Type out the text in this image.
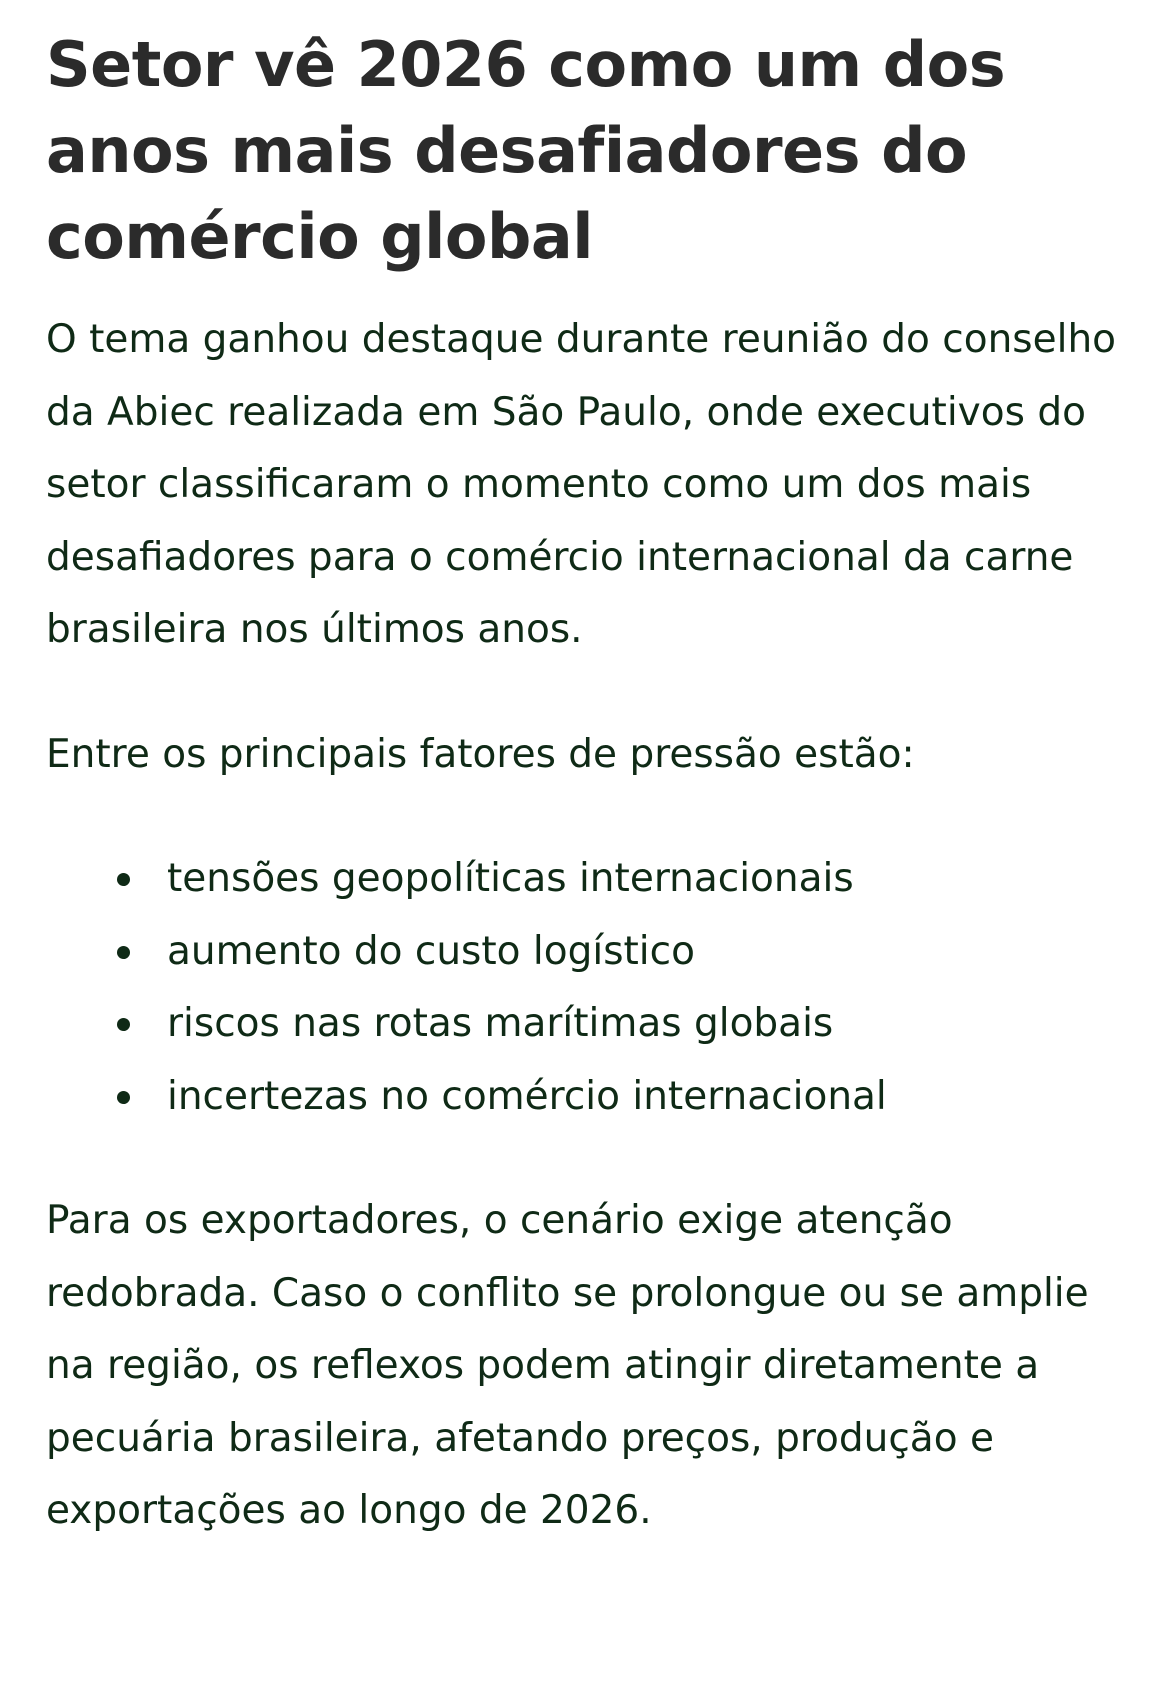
Setor vê 2026 como um dos anos mais desafiadores do comércio global

O tema ganhou destaque durante reunião do conselho da Abiec realizada em São Paulo, onde executivos do setor classificaram o momento como um dos mais desafiadores para o comércio internacional da carne brasileira nos últimos anos.

Entre os principais fatores de pressão estão:

tensões geopolíticas internacionais
aumento do custo logístico
riscos nas rotas marítimas globais
incertezas no comércio internacional

Para os exportadores, o cenário exige atenção redobrada. Caso o conflito se prolongue ou se amplie na região, os reflexos podem atingir diretamente a pecuária brasileira, afetando preços, produção e exportações ao longo de 2026.
